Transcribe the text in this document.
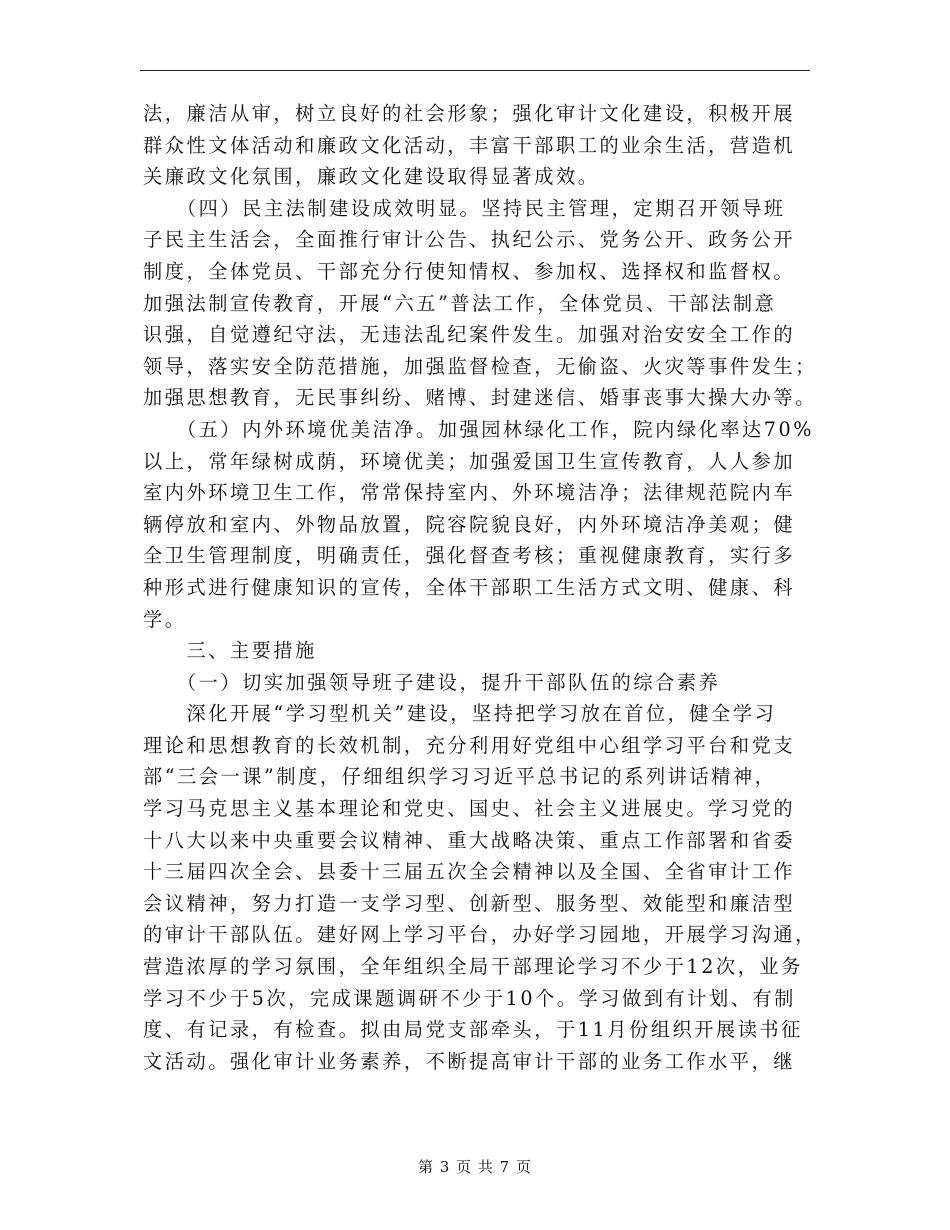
法，廉洁从审，树立良好的社会形象；强化审计文化建设，积极开展

群众性文体活动和廉政文化活动，丰富干部职工的业余生活，营造机

关廉政文化氛围，廉政文化建设取得显著成效。

　　（四）民主法制建设成效明显。坚持民主管理，定期召开领导班

子民主生活会，全面推行审计公告、执纪公示、党务公开、政务公开

制度，全体党员、干部充分行使知情权、参加权、选择权和监督权。

加强法制宣传教育，开展“六五”普法工作，全体党员、干部法制意

识强，自觉遵纪守法，无违法乱纪案件发生。加强对治安安全工作的

领导，落实安全防范措施，加强监督检查，无偷盗、火灾等事件发生；

加强思想教育，无民事纠纷、赌博、封建迷信、婚事丧事大操大办等。

　　（五）内外环境优美洁净。加强园林绿化工作，院内绿化率达70%

以上，常年绿树成荫，环境优美；加强爱国卫生宣传教育，人人参加

室内外环境卫生工作，常常保持室内、外环境洁净；法律规范院内车

辆停放和室内、外物品放置，院容院貌良好，内外环境洁净美观；健

全卫生管理制度，明确责任，强化督查考核；重视健康教育，实行多

种形式进行健康知识的宣传，全体干部职工生活方式文明、健康、科

学。

　　三、主要措施

　　（一）切实加强领导班子建设，提升干部队伍的综合素养

　　深化开展“学习型机关”建设，坚持把学习放在首位，健全学习

理论和思想教育的长效机制，充分利用好党组中心组学习平台和党支

部“三会一课”制度，仔细组织学习习近平总书记的系列讲话精神，

学习马克思主义基本理论和党史、国史、社会主义进展史。学习党的

十八大以来中央重要会议精神、重大战略决策、重点工作部署和省委

十三届四次全会、县委十三届五次全会精神以及全国、全省审计工作

会议精神，努力打造一支学习型、创新型、服务型、效能型和廉洁型

的审计干部队伍。建好网上学习平台，办好学习园地，开展学习沟通，

营造浓厚的学习氛围，全年组织全局干部理论学习不少于12次，业务

学习不少于5次，完成课题调研不少于10个。学习做到有计划、有制

度、有记录，有检查。拟由局党支部牵头，于11月份组织开展读书征

文活动。强化审计业务素养，不断提高审计干部的业务工作水平，继

第 3 页 共 7 页
